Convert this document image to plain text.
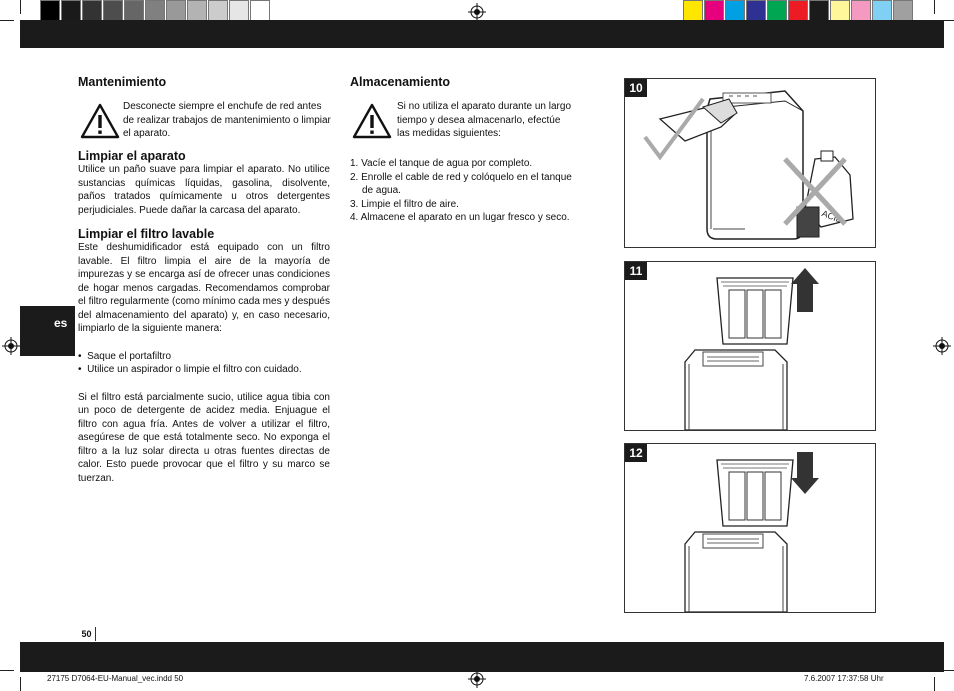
es
Mantenimiento

Desconecte siempre el enchufe de red antes de realizar trabajos de mantenimiento o limpiar el aparato.

Limpiar el aparato

Utilice un paño suave para limpiar el aparato. No utilice sustancias químicas líquidas, gasolina, disolvente, paños tratados químicamente u otros detergentes perjudiciales. Puede dañar la carcasa del aparato.

Limpiar el filtro lavable

Este deshumidificador está equipado con un filtro lavable. El filtro limpia el aire de la mayoría de impurezas y se encarga así de ofrecer unas condiciones de hogar menos cargadas. Recomendamos comprobar el filtro regularmente (como mínimo cada mes y después del almacenamiento del aparato) y, en caso necesario, limpiarlo de la siguiente manera:

•  Saque el portafiltro
•  Utilice un aspirador o limpie el filtro con cuidado.

Si el filtro está parcialmente sucio, utilice agua tibia con un poco de detergente de acidez media. Enjuague el filtro con agua fría. Antes de volver a utilizar el filtro, asegúrese de que está totalmente seco. No exponga el filtro a la luz solar directa u otras fuentes directas de calor. Esto puede provocar que el filtro y su marco se tuerzan.

Almacenamiento

Si no utiliza el aparato durante un largo tiempo y desea almacenarlo, efectúe las medidas siguientes:

1. Vacíe el tanque de agua por completo.
2. Enrolle el cable de red y colóquelo en el tanque de agua.
3. Limpie el filtro de aire.
4. Almacene el aparato en un lugar fresco y seco.
10
ACID
11
12
50
27175 D7064-EU-Manual_vec.indd 50	7.6.2007 17:37:58 Uhr
